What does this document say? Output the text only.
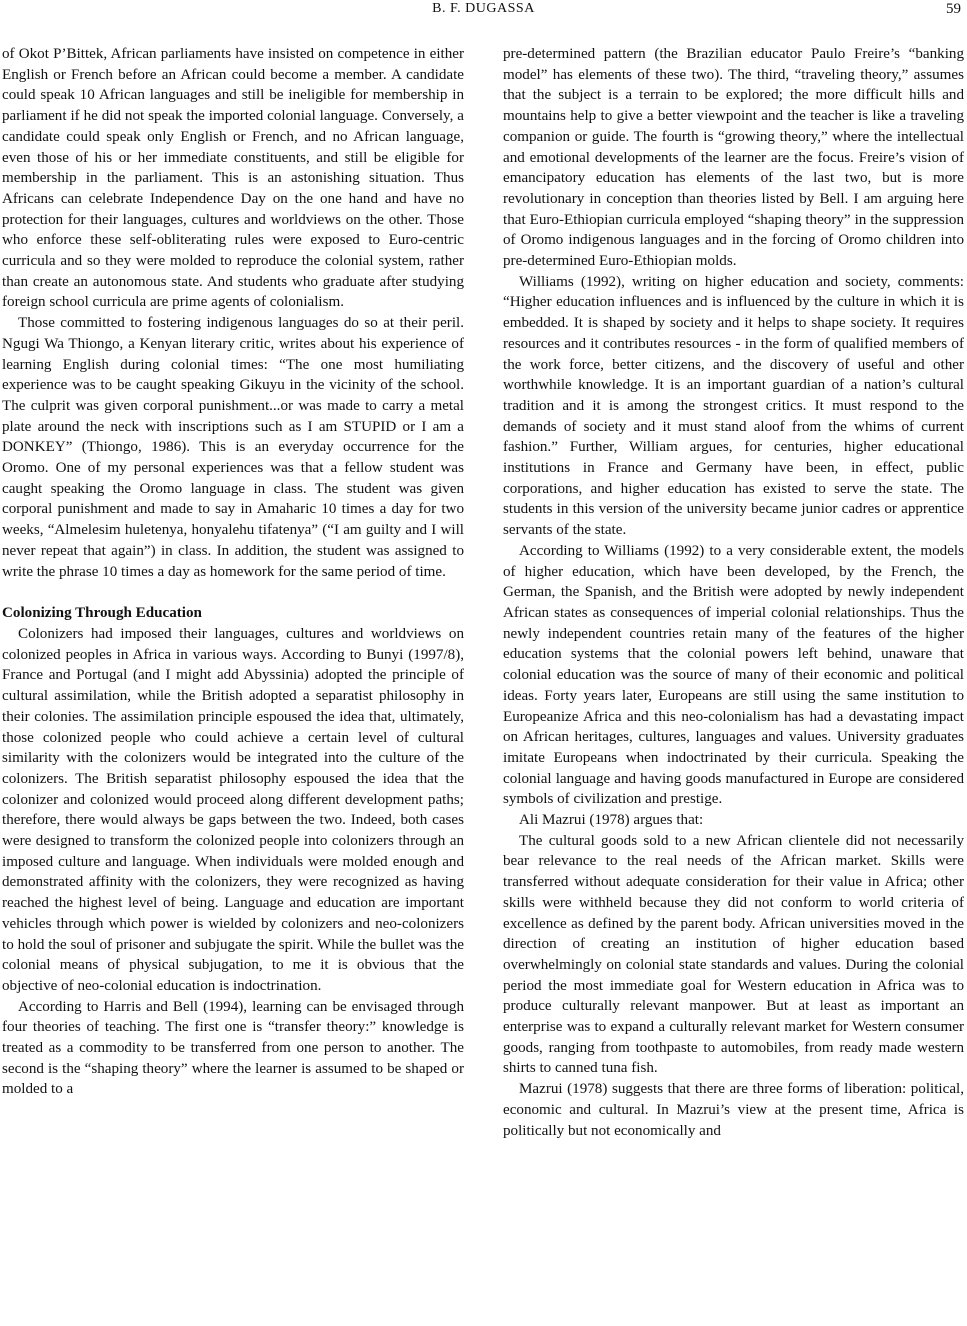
B. F. DUGASSA	59

of Okot P’Bittek, African parliaments have insisted on competence in either English or French before an African could become a member. A candidate could speak 10 African languages and still be ineligible for membership in parliament if he did not speak the imported colonial language. Conversely, a candidate could speak only English or French, and no African language, even those of his or her immediate constituents, and still be eligible for membership in the parliament. This is an astonishing situation. Thus Africans can celebrate Independence Day on the one hand and have no protection for their languages, cultures and worldviews on the other. Those who enforce these self-obliterating rules were exposed to Euro-centric curricula and so they were molded to reproduce the colonial system, rather than create an autonomous state. And students who graduate after studying foreign school curricula are prime agents of colonialism.

Those committed to fostering indigenous languages do so at their peril. Ngugi Wa Thiongo, a Kenyan literary critic, writes about his experience of learning English during colonial times: “The one most humiliating experience was to be caught speaking Gikuyu in the vicinity of the school. The culprit was given corporal punishment...or was made to carry a metal plate around the neck with inscriptions such as I am STUPID or I am a DONKEY” (Thiongo, 1986). This is an everyday occurrence for the Oromo. One of my personal experiences was that a fellow student was caught speaking the Oromo language in class. The student was given corporal punishment and made to say in Amaharic 10 times a day for two weeks, “Almelesim huletenya, honyalehu tifatenya” (“I am guilty and I will never repeat that again”) in class. In addition, the student was assigned to write the phrase 10 times a day as homework for the same period of time.

Colonizing Through Education

Colonizers had imposed their languages, cultures and worldviews on colonized peoples in Africa in various ways. According to Bunyi (1997/8), France and Portugal (and I might add Abyssinia) adopted the principle of cultural assimilation, while the British adopted a separatist philosophy in their colonies. The assimilation principle espoused the idea that, ultimately, those colonized people who could achieve a certain level of cultural similarity with the colonizers would be integrated into the culture of the colonizers. The British separatist philosophy espoused the idea that the colonizer and colonized would proceed along different development paths; therefore, there would always be gaps between the two. Indeed, both cases were designed to transform the colonized people into colonizers through an imposed culture and language. When individuals were molded enough and demonstrated affinity with the colonizers, they were recognized as having reached the highest level of being. Language and education are important vehicles through which power is wielded by colonizers and neo-colonizers to hold the soul of prisoner and subjugate the spirit. While the bullet was the colonial means of physical subjugation, to me it is obvious that the objective of neo-colonial education is indoctrination.

According to Harris and Bell (1994), learning can be envisaged through four theories of teaching. The first one is “transfer theory:” knowledge is treated as a commodity to be transferred from one person to another. The second is the “shaping theory” where the learner is assumed to be shaped or molded to a

pre-determined pattern (the Brazilian educator Paulo Freire’s “banking model” has elements of these two). The third, “traveling theory,” assumes that the subject is a terrain to be explored; the more difficult hills and mountains help to give a better viewpoint and the teacher is like a traveling companion or guide. The fourth is “growing theory,” where the intellectual and emotional developments of the learner are the focus. Freire’s vision of emancipatory education has elements of the last two, but is more revolutionary in conception than theories listed by Bell. I am arguing here that Euro-Ethiopian curricula employed “shaping theory” in the suppression of Oromo indigenous languages and in the forcing of Oromo children into pre-determined Euro-Ethiopian molds.

Williams (1992), writing on higher education and society, comments: “Higher education influences and is influenced by the culture in which it is embedded. It is shaped by society and it helps to shape society. It requires resources and it contributes resources - in the form of qualified members of the work force, better citizens, and the discovery of useful and other worthwhile knowledge. It is an important guardian of a nation’s cultural tradition and it is among the strongest critics. It must respond to the demands of society and it must stand aloof from the whims of current fashion.” Further, William argues, for centuries, higher educational institutions in France and Germany have been, in effect, public corporations, and higher education has existed to serve the state. The students in this version of the university became junior cadres or apprentice servants of the state.

According to Williams (1992) to a very considerable extent, the models of higher education, which have been developed, by the French, the German, the Spanish, and the British were adopted by newly independent African states as consequences of imperial colonial relationships. Thus the newly independent countries retain many of the features of the higher education systems that the colonial powers left behind, unaware that colonial education was the source of many of their economic and political ideas. Forty years later, Europeans are still using the same institution to Europeanize Africa and this neo-colonialism has had a devastating impact on African heritages, cultures, languages and values. University graduates imitate Europeans when indoctrinated by their curricula. Speaking the colonial language and having goods manufactured in Europe are considered symbols of civilization and prestige.

Ali Mazrui (1978) argues that:

The cultural goods sold to a new African clientele did not necessarily bear relevance to the real needs of the African market. Skills were transferred without adequate consideration for their value in Africa; other skills were withheld because they did not conform to world criteria of excellence as defined by the parent body. African universities moved in the direction of creating an institution of higher education based overwhelmingly on colonial state standards and values. During the colonial period the most immediate goal for Western education in Africa was to produce culturally relevant manpower. But at least as important an enterprise was to expand a culturally relevant market for Western consumer goods, ranging from toothpaste to automobiles, from ready made western shirts to canned tuna fish.

Mazrui (1978) suggests that there are three forms of liberation: political, economic and cultural. In Mazrui’s view at the present time, Africa is politically but not economically and
